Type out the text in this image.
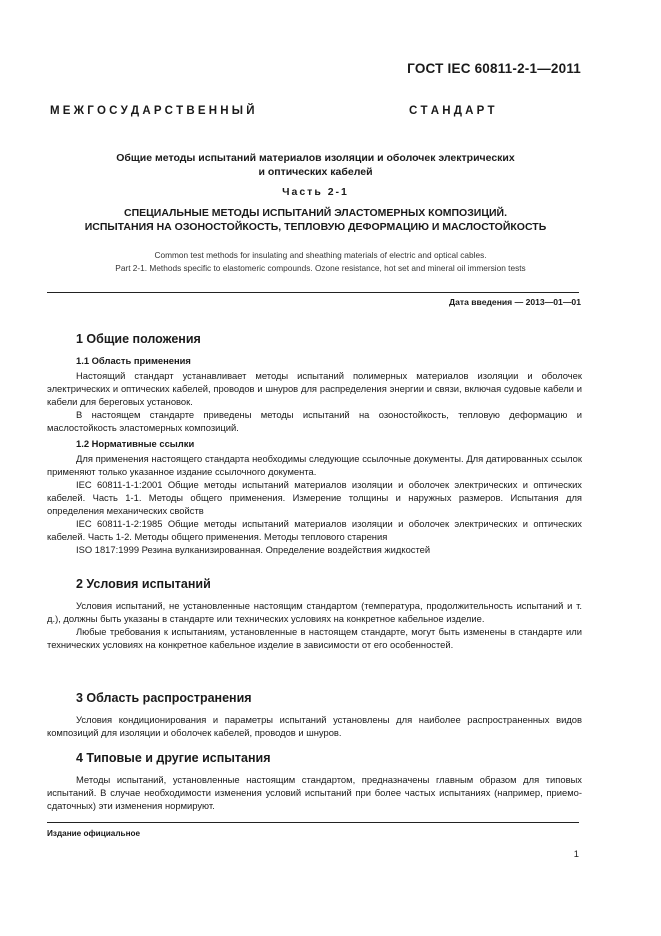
ГОСТ IEC 60811-2-1—2011
М Е Ж Г О С У Д А Р С Т В Е Н Н Ы Й	С Т А Н Д А Р Т
Общие методы испытаний материалов изоляции и оболочек электрических
и оптических кабелей
Часть 2-1
СПЕЦИАЛЬНЫЕ МЕТОДЫ ИСПЫТАНИЙ ЭЛАСТОМЕРНЫХ КОМПОЗИЦИЙ.
ИСПЫТАНИЯ НА ОЗОНОСТОЙКОСТЬ, ТЕПЛОВУЮ ДЕФОРМАЦИЮ И МАСЛОСТОЙКОСТЬ
Common test methods for insulating and sheathing materials of electric and optical cables.
Part 2-1. Methods specific to elastomeric compounds. Ozone resistance, hot set and mineral oil immersion tests
Дата введения — 2013—01—01
1 Общие положения
1.1 Область применения

Настоящий стандарт устанавливает методы испытаний полимерных материалов изоляции и оболочек электрических и оптических кабелей, проводов и шнуров для распределения энергии и связи, включая судовые кабели и кабели для береговых установок.

В настоящем стандарте приведены методы испытаний на озоностойкость, тепловую деформацию и маслостойкость эластомерных композиций.

1.2 Нормативные ссылки

Для применения настоящего стандарта необходимы следующие ссылочные документы. Для датированных ссылок применяют только указанное издание ссылочного документа.

IEC 60811-1-1:2001 Общие методы испытаний материалов изоляции и оболочек электрических и оптических кабелей. Часть 1-1. Методы общего применения. Измерение толщины и наружных размеров. Испытания для определения механических свойств

IEC 60811-1-2:1985 Общие методы испытаний материалов изоляции и оболочек электрических и оптических кабелей. Часть 1-2. Методы общего применения. Методы теплового старения

ISO 1817:1999 Резина вулканизированная. Определение воздействия жидкостей

2 Условия испытаний

Условия испытаний, не установленные настоящим стандартом (температура, продолжительность испытаний и т. д.), должны быть указаны в стандарте или технических условиях на конкретное кабельное изделие.

Любые требования к испытаниям, установленные в настоящем стандарте, могут быть изменены в стандарте или технических условиях на конкретное кабельное изделие в зависимости от его особенностей.

3 Область распространения

Условия кондиционирования и параметры испытаний установлены для наиболее распространенных видов композиций для изоляции и оболочек кабелей, проводов и шнуров.

4 Типовые и другие испытания

Методы испытаний, установленные настоящим стандартом, предназначены главным образом для типовых испытаний. В случае необходимости изменения условий испытаний при более частых испытаниях (например, приемо-сдаточных) эти изменения нормируют.

Издание официальное
1
